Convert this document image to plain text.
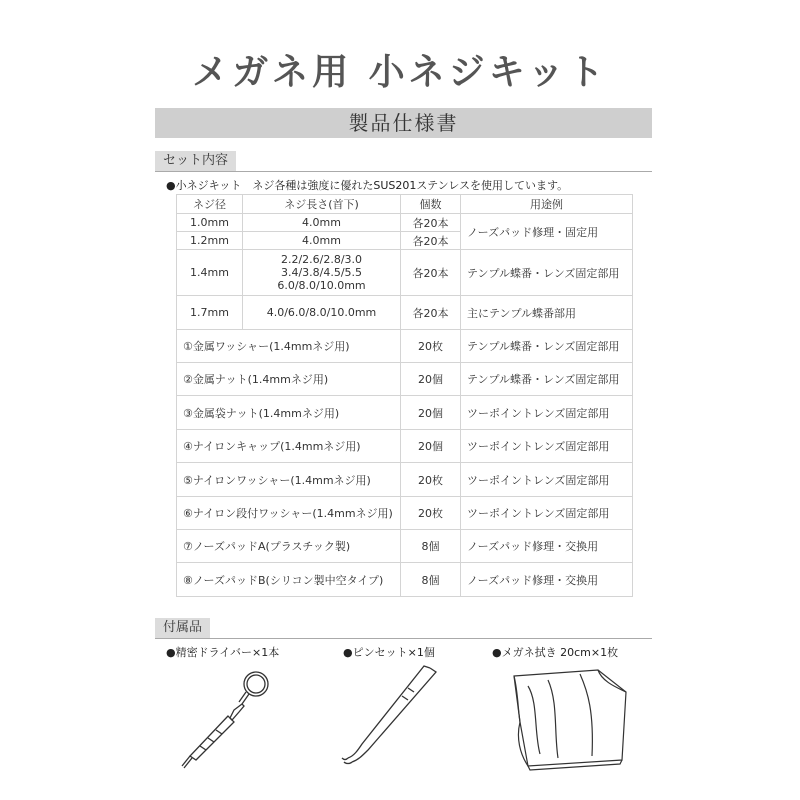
メガネ用 小ネジキット
製品仕様書
セット内容
●小ネジキット　ネジ各種は強度に優れたSUS201ステンレスを使用しています。
ネジ径	ネジ長さ(首下)	個数	用途例
1.0mm	4.0mm	各20本	ノーズパッド修理・固定用
1.2mm	4.0mm	各20本	
1.4mm	2.2/2.6/2.8/3.0
3.4/3.8/4.5/5.5
6.0/8.0/10.0mm	各20本	テンプル蝶番・レンズ固定部用
1.7mm	4.0/6.0/8.0/10.0mm	各20本	主にテンプル蝶番部用
①金属ワッシャー(1.4mmネジ用)		20枚	テンプル蝶番・レンズ固定部用
②金属ナット(1.4mmネジ用)		20個	テンプル蝶番・レンズ固定部用
③金属袋ナット(1.4mmネジ用)		20個	ツーポイントレンズ固定部用
④ナイロンキャップ(1.4mmネジ用)		20個	ツーポイントレンズ固定部用
⑤ナイロンワッシャー(1.4mmネジ用)		20枚	ツーポイントレンズ固定部用
⑥ナイロン段付ワッシャー(1.4mmネジ用)		20枚	ツーポイントレンズ固定部用
⑦ノーズパッドA(プラスチック製)		8個	ノーズパッド修理・交換用
⑧ノーズパッドB(シリコン製中空タイプ)		8個	ノーズパッド修理・交換用
付属品
●精密ドライバー×1本	●ピンセット×1個	●メガネ拭き 20cm×1枚
